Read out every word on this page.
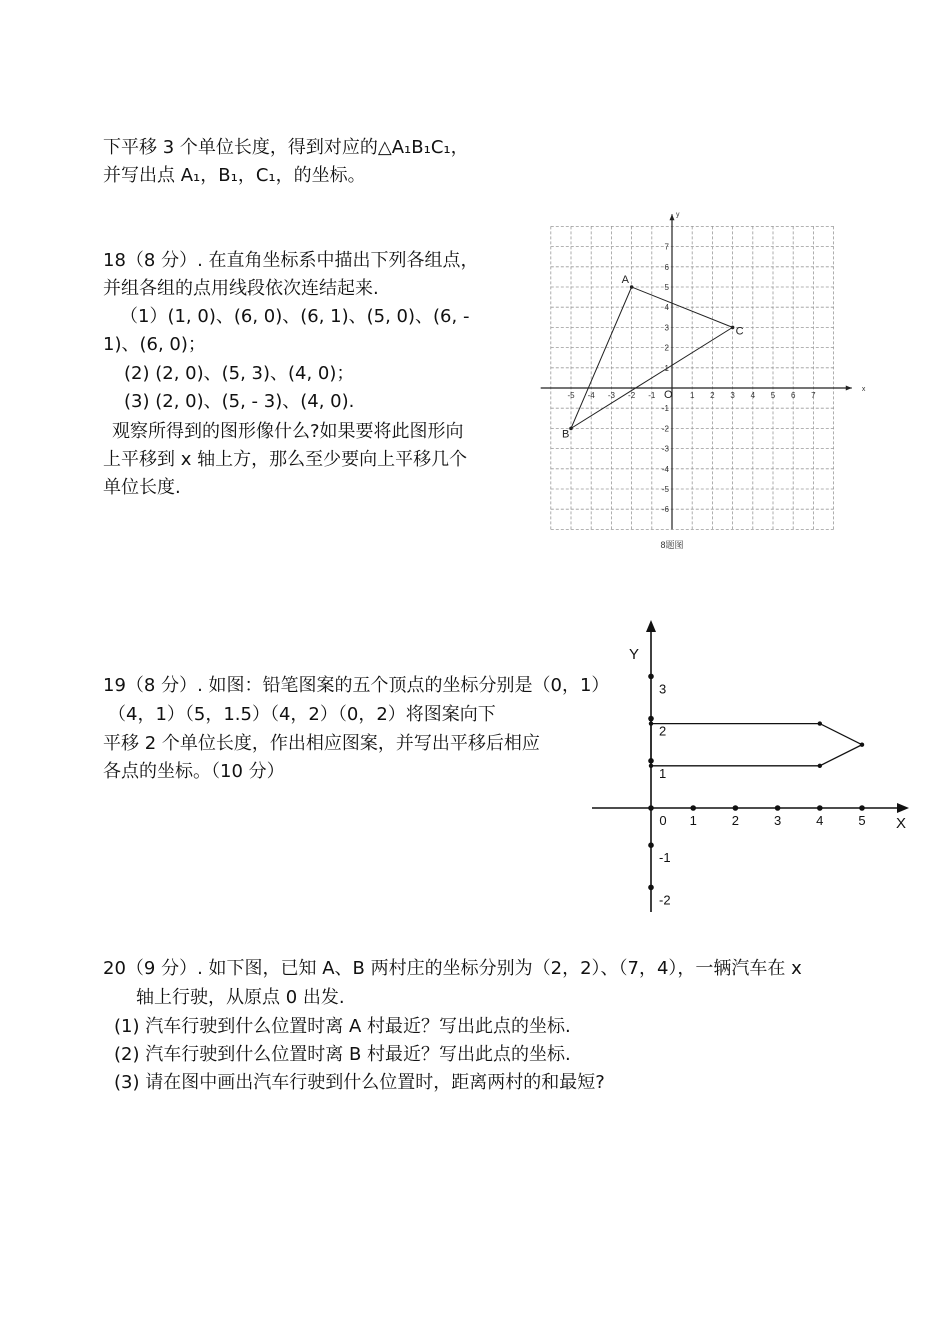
下平移 3 个单位长度，得到对应的△A₁B₁C₁，
并写出点 A₁，B₁，C₁，的坐标。
18（8 分）. 在直角坐标系中描出下列各组点，
并组各组的点用线段依次连结起来.
（1）(1, 0)、(6, 0)、(6, 1)、(5, 0)、(6, -
1)、(6, 0)；
(2) (2, 0)、(5, 3)、(4, 0)；
(3) (2, 0)、(5, - 3)、(4, 0).
观察所得到的图形像什么?如果要将此图形向
上平移到 x 轴上方，那么至少要向上平移几个
单位长度.
x
y
O
-5 -4 -3 -2 -1	1 2 3 4 5 6 7
7
6
5
4
3
2
1
-1
-2
-3
-4
-5
-6
A
B
C
8题图
19（8 分）. 如图：铅笔图案的五个顶点的坐标分别是（0，1）
（4，1）（5，1.5）（4，2）（0，2）将图案向下
平移 2 个单位长度，作出相应图案，并写出平移后相应
各点的坐标。（10 分）
X
Y
0 1	2	3	4	5
3
2
1
-1
-2
20（9 分）. 如下图，已知 A、B 两村庄的坐标分别为（2，2）、（7，4），一辆汽车在 x
轴上行驶，从原点 0 出发.
(1) 汽车行驶到什么位置时离 A 村最近？写出此点的坐标.
(2) 汽车行驶到什么位置时离 B 村最近？写出此点的坐标.
(3) 请在图中画出汽车行驶到什么位置时，距离两村的和最短?
